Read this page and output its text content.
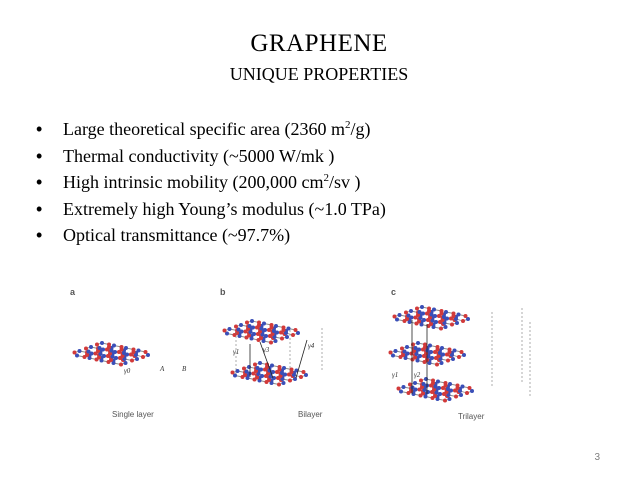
GRAPHENE
UNIQUE PROPERTIES
• Large theoretical specific area (2360 $m^2/g$)
• Thermal conductivity (~5000 W/mk )
• High intrinsic mobility (200,000 $cm^2/sv$ )
• Extremely high Young’s modulus (~1.0 TPa)
• Optical transmittance (~97.7%)
a	b	c
γ0	A	B
γ1	γ3	γ4
γ1 γ2
Single layer	Bilayer	Trilayer
3
